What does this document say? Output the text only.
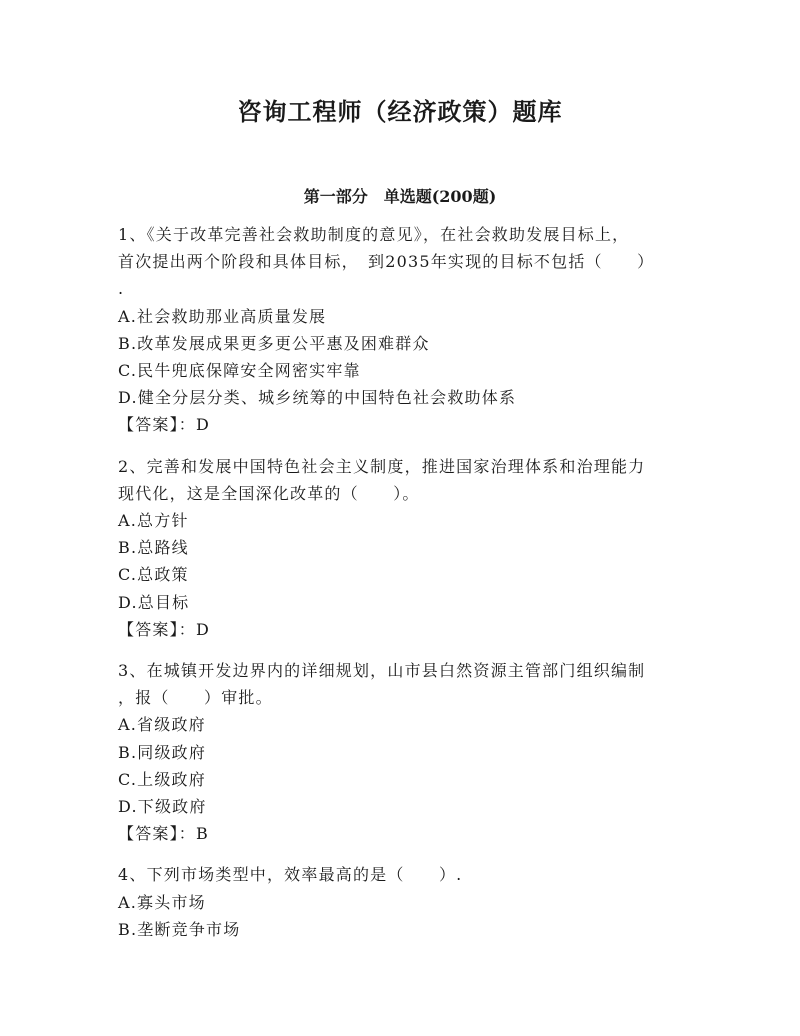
咨询工程师（经济政策）题库
第一部分　单选题(200题)
1、《关于改革完善社会救助制度的意见》，在社会救助发展目标上，
首次提出两个阶段和具体目标，　到2035年实现的目标不包括（　　）
.
A.社会救助那业高质量发展
B.改革发展成果更多更公平惠及困难群众
C.民牛兜底保障安全网密实牢靠
D.健全分层分类、城乡统筹的中国特色社会救助体系
【答案】：D
2、完善和发展中国特色社会主义制度，推进国家治理体系和治理能力
现代化，这是全国深化改革的（　　）。
A.总方针
B.总路线
C.总政策
D.总目标
【答案】：D
3、在城镇开发边界内的详细规划，山市县白然资源主管部门组织编制
，报（　　）审批。
A.省级政府
B.同级政府
C.上级政府
D.下级政府
【答案】：B
4、下列市场类型中，效率最高的是（　　）.
A.寡头市场
B.垄断竞争市场
